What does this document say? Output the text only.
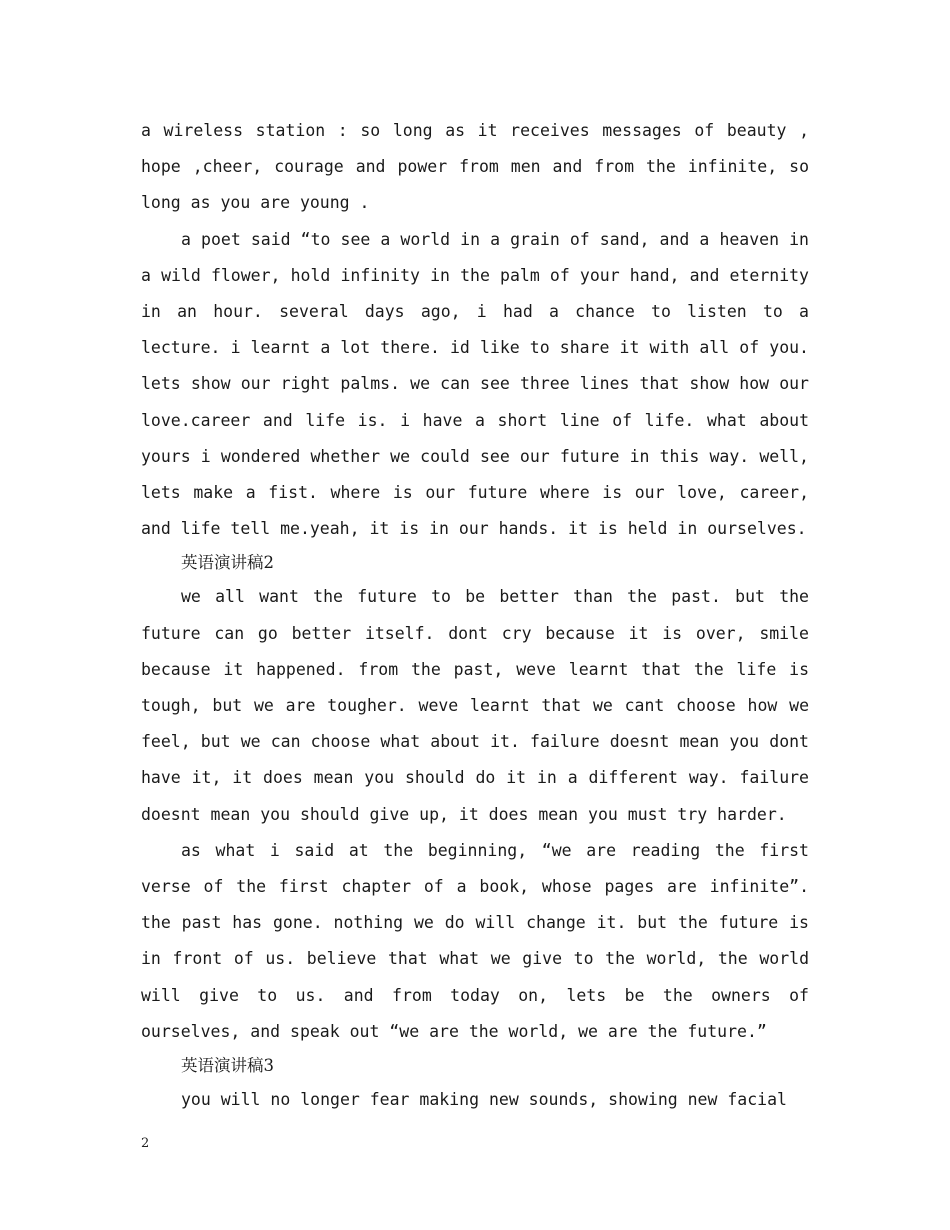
a wireless station : so long as it receives messages of beauty , hope ,cheer, courage and power from men and from the infinite, so long as you are young .

a poet said “to see a world in a grain of sand, and a heaven in a wild flower, hold infinity in the palm of your hand, and eternity in an hour. several days ago, i had a chance to listen to a lecture. i learnt a lot there. id like to share it with all of you. lets show our right palms. we can see three lines that show how our love.career and life is. i have a short line of life. what about yours i wondered whether we could see our future in this way. well, lets make a fist. where is our future where is our love, career, and life tell me.yeah, it is in our hands. it is held in ourselves.

英语演讲稿2

we all want the future to be better than the past. but the future can go better itself. dont cry because it is over, smile because it happened. from the past, weve learnt that the life is tough, but we are tougher. weve learnt that we cant choose how we feel, but we can choose what about it. failure doesnt mean you dont have it, it does mean you should do it in a different way. failure doesnt mean you should give up, it does mean you must try harder.

as what i said at the beginning, “we are reading the first verse of the first chapter of a book, whose pages are infinite”. the past has gone. nothing we do will change it. but the future is in front of us. believe that what we give to the world, the world will give to us. and from today on, lets be the owners of ourselves, and speak out “we are the world, we are the future.”

英语演讲稿3

you will no longer fear making new sounds, showing new facial

2
